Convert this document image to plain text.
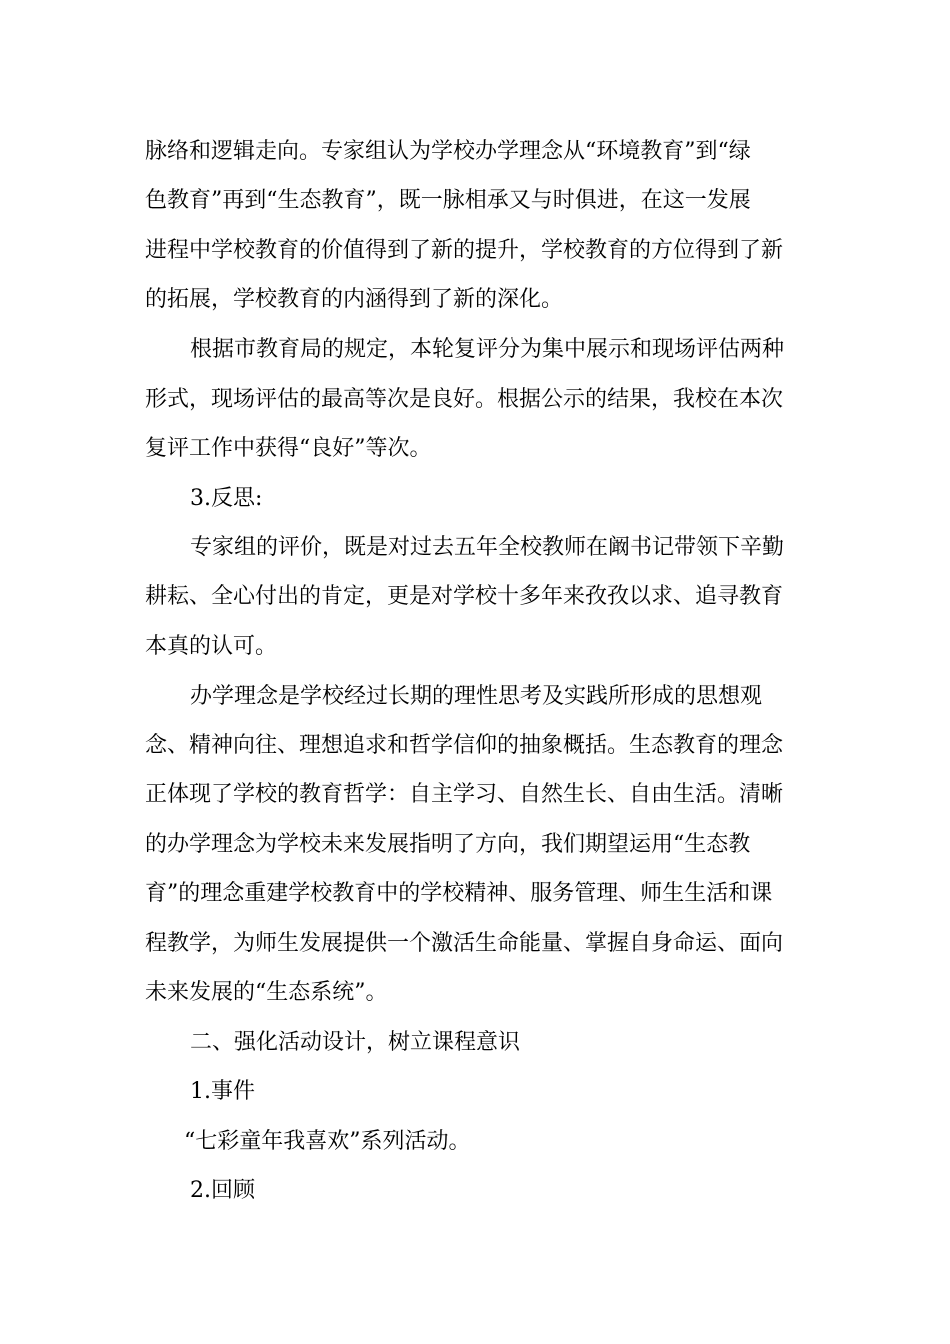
脉络和逻辑走向。专家组认为学校办学理念从“环境教育”到“绿
色教育”再到“生态教育”，既一脉相承又与时俱进，在这一发展
进程中学校教育的价值得到了新的提升，学校教育的方位得到了新
的拓展，学校教育的内涵得到了新的深化。
根据市教育局的规定，本轮复评分为集中展示和现场评估两种
形式，现场评估的最高等次是良好。根据公示的结果，我校在本次
复评工作中获得“良好”等次。
3.反思:
专家组的评价，既是对过去五年全校教师在阚书记带领下辛勤
耕耘、全心付出的肯定，更是对学校十多年来孜孜以求、追寻教育
本真的认可。
办学理念是学校经过长期的理性思考及实践所形成的思想观
念、精神向往、理想追求和哲学信仰的抽象概括。生态教育的理念
正体现了学校的教育哲学：自主学习、自然生长、自由生活。清晰
的办学理念为学校未来发展指明了方向，我们期望运用“生态教
育”的理念重建学校教育中的学校精神、服务管理、师生生活和课
程教学，为师生发展提供一个激活生命能量、掌握自身命运、面向
未来发展的“生态系统”。
二、强化活动设计，树立课程意识
1.事件
“七彩童年我喜欢”系列活动。
2.回顾
